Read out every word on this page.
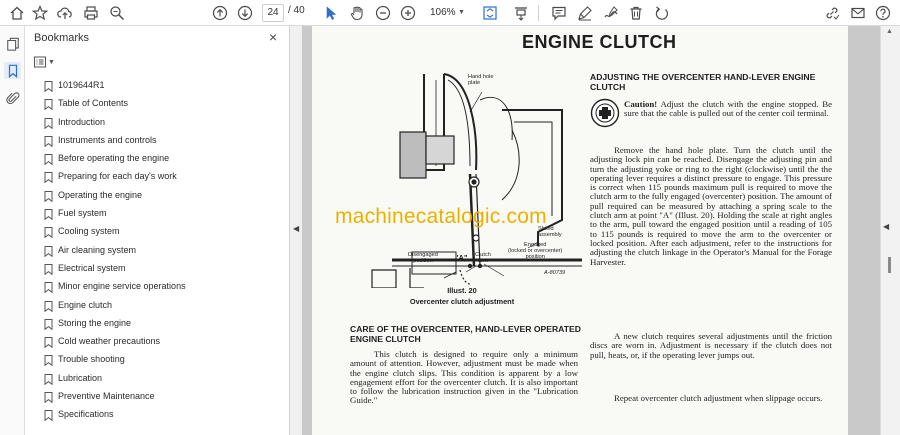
24 / 40	106% ▼
Bookmarks	×
▼
1019644R1
Table of Contents
Introduction
Instruments and controls
Before operating the engine
Preparing for each day's work
Operating the engine
Fuel system
Cooling system
Air cleaning system
Electrical system
Minor engine service operations
Engine clutch
Storing the engine
Cold weather precautions
Trouble shooting
Lubrication
Preventive Maintenance
Specifications
◀
ENGINE CLUTCH
Hand hole
plate
Shield
assembly
Engaged
(locked or overcenter)
position
Disengaged
position	"A" Clutch
arm
A-80739
Illust. 20
Overcenter clutch adjustment
CARE OF THE OVERCENTER, HAND-LEVER OPERATED
ENGINE CLUTCH
This clutch is designed to require only a minimum amount of attention. However, adjustment must be made when the engine clutch slips. This condition is apparent by a low engagement effort for the overcenter clutch. It is also important to follow the lubrication instruction given in the "Lubrication Guide."
ADJUSTING THE OVERCENTER HAND-LEVER ENGINE
CLUTCH
Caution! Adjust the clutch with the engine stopped. Be sure that the cable is pulled out of the center coil terminal.
Remove the hand hole plate. Turn the clutch until the adjusting lock pin can be reached. Disengage the adjusting pin and turn the adjusting yoke or ring to the right (clockwise) until the the operating lever requires a distinct pressure to engage. This pressure is correct when 115 pounds maximum pull is required to move the clutch arm to the fully engaged (overcenter) position. The amount of pull required can be measured by attaching a spring scale to the clutch arm at point "A" (Illust. 20). Holding the scale at right angles to the arm, pull toward the engaged position until a reading of 105 to 115 pounds is required to move the arm to the overcenter or locked position. After each adjustment, refer to the instructions for adjusting the clutch linkage in the Operator's Manual for the Forage Harvester.
A new clutch requires several adjustments until the friction discs are worn in. Adjustment is necessary if the clutch does not pull, heats, or, if the operating lever jumps out.
Repeat overcenter clutch adjustment when slippage occurs.
machinecatalogic.com
▲
◀
